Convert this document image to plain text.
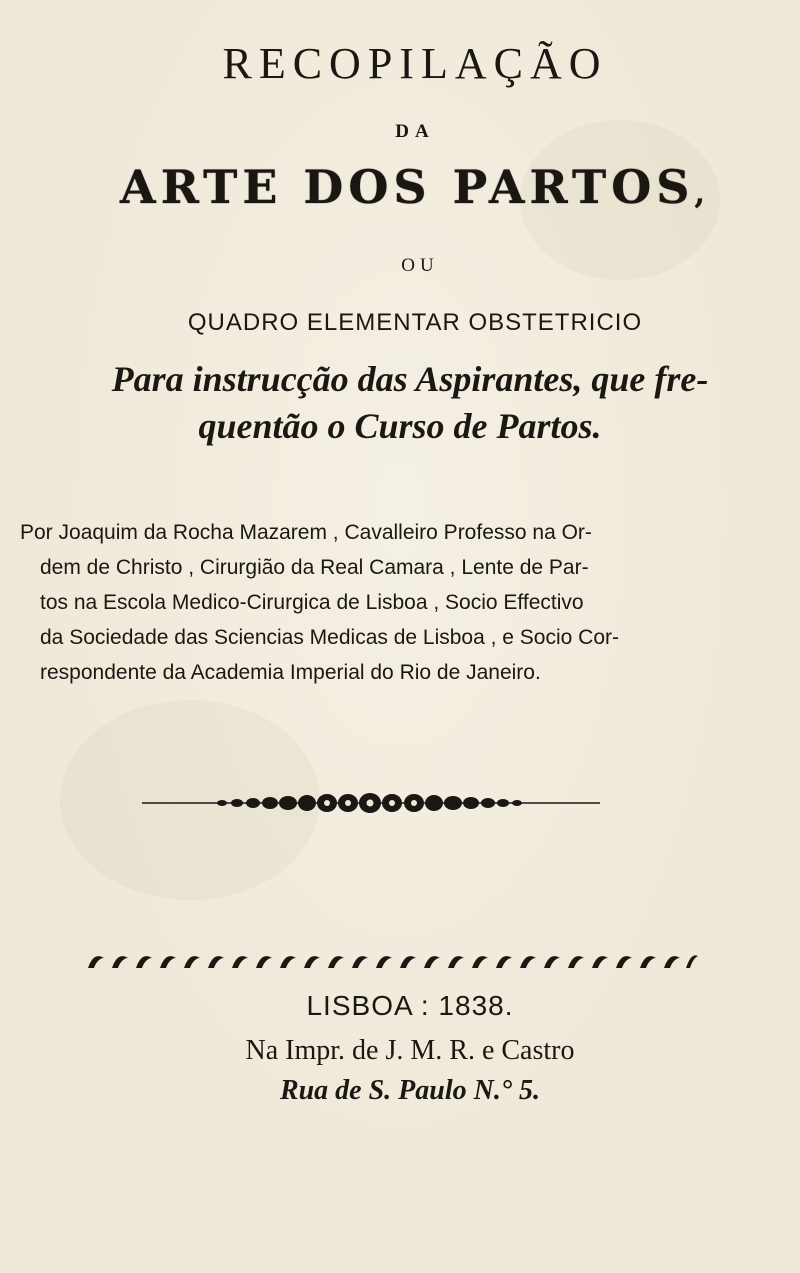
RECOPILAÇÃO
DA
ARTE DOS PARTOS,
OU
QUADRO ELEMENTAR OBSTETRICIO
Para instrucção das Aspirantes, que fre-
quentão o Curso de Partos.
Por Joaquim da Rocha Mazarem , Cavalleiro Professo na Or-
dem de Christo , Cirurgião da Real Camara , Lente de Par-
tos na Escola Medico-Cirurgica de Lisboa , Socio Effectivo
da Sociedade das Sciencias Medicas de Lisboa , e Socio Cor-
respondente da Academia Imperial do Rio de Janeiro.
LISBOA : 1838.
Na Impr. de J. M. R. e Castro
Rua de S. Paulo N.° 5.
